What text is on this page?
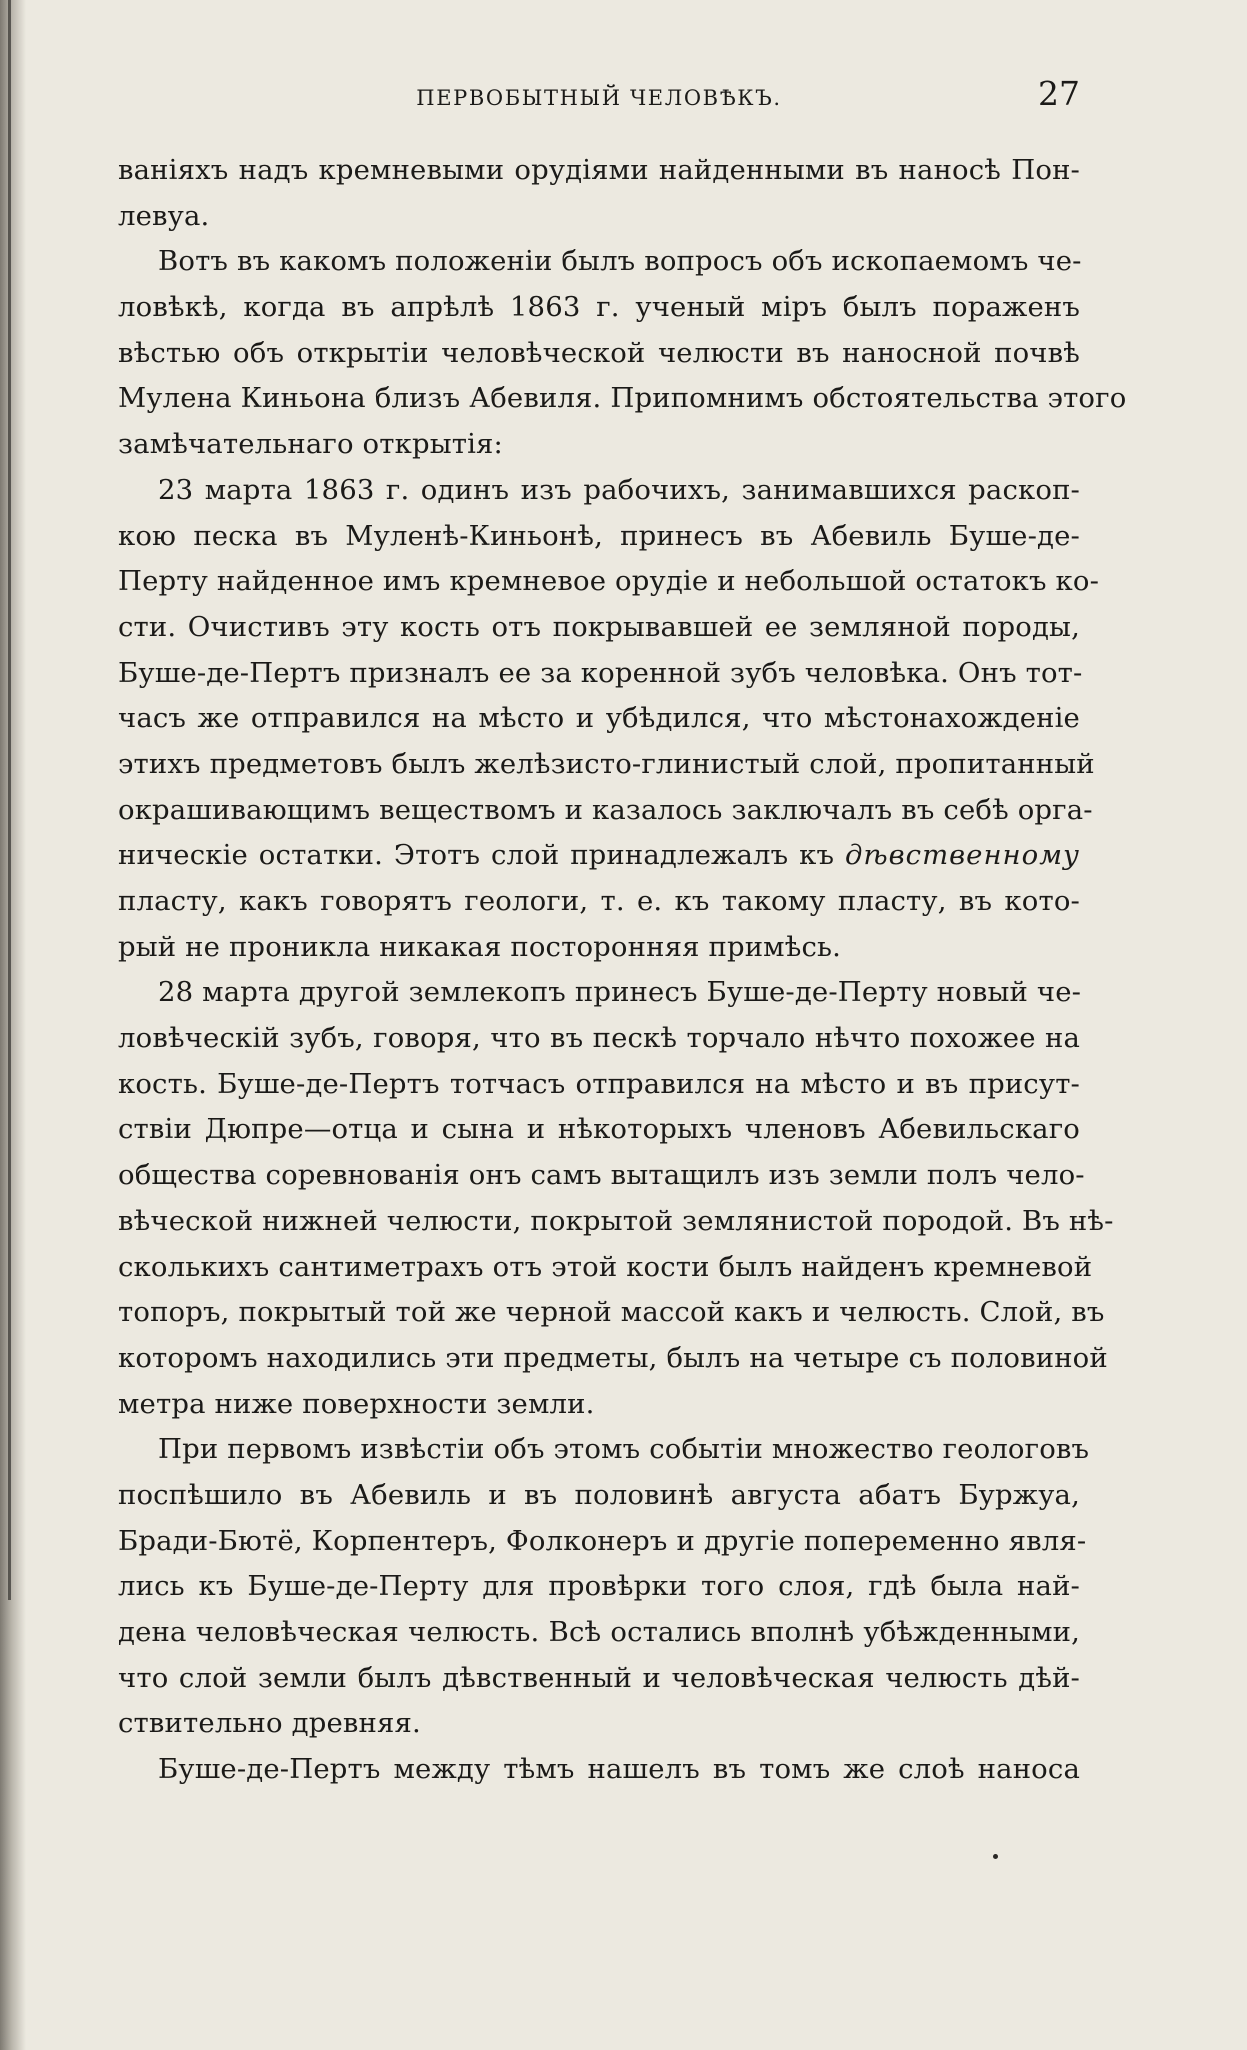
ПЕРВОБЫТНЫЙ ЧЕЛОВѢКЪ.	27
ваніяхъ надъ кремневыми орудіями найденными въ наносѣ Пон-
левуа.
Вотъ въ какомъ положеніи былъ вопросъ объ ископаемомъ че-
ловѣкѣ, когда въ апрѣлѣ 1863 г. ученый міръ былъ пораженъ
вѣстью объ открытіи человѣческой челюсти въ наносной почвѣ
Мулена Киньона близъ Абевиля. Припомнимъ обстоятельства этого
замѣчательнаго открытія:
23 марта 1863 г. одинъ изъ рабочихъ, занимавшихся раскоп-
кою песка въ Муленѣ-Киньонѣ, принесъ въ Абевиль Буше-де-
Перту найденное имъ кремневое орудіе и небольшой остатокъ ко-
сти. Очистивъ эту кость отъ покрывавшей ее земляной породы,
Буше-де-Пертъ призналъ ее за коренной зубъ человѣка. Онъ тот-
часъ же отправился на мѣсто и убѣдился, что мѣстонахожденіе
этихъ предметовъ былъ желѣзисто-глинистый слой, пропитанный
окрашивающимъ веществомъ и казалось заключалъ въ себѣ орга-
ническіе остатки. Этотъ слой принадлежалъ къ дѣвственному
пласту, какъ говорятъ геологи, т. е. къ такому пласту, въ кото-
рый не проникла никакая посторонняя примѣсь.
28 марта другой землекопъ принесъ Буше-де-Перту новый че-
ловѣческій зубъ, говоря, что въ пескѣ торчало нѣчто похожее на
кость. Буше-де-Пертъ тотчасъ отправился на мѣсто и въ присут-
ствіи Дюпре—отца и сына и нѣкоторыхъ членовъ Абевильскаго
общества соревнованія онъ самъ вытащилъ изъ земли полъ чело-
вѣческой нижней челюсти, покрытой землянистой породой. Въ нѣ-
сколькихъ сантиметрахъ отъ этой кости былъ найденъ кремневой
топоръ, покрытый той же черной массой какъ и челюсть. Слой, въ
которомъ находились эти предметы, былъ на четыре съ половиной
метра ниже поверхности земли.
При первомъ извѣстіи объ этомъ событіи множество геологовъ
поспѣшило въ Абевиль и въ половинѣ августа абатъ Буржуа,
Бради-Бютё, Корпентеръ, Фолконеръ и другіе попеременно явля-
лись къ Буше-де-Перту для провѣрки того слоя, гдѣ была най-
дена человѣческая челюсть. Всѣ остались вполнѣ убѣжденными,
что слой земли былъ дѣвственный и человѣческая челюсть дѣй-
ствительно древняя.
Буше-де-Пертъ между тѣмъ нашелъ въ томъ же слоѣ наноса
